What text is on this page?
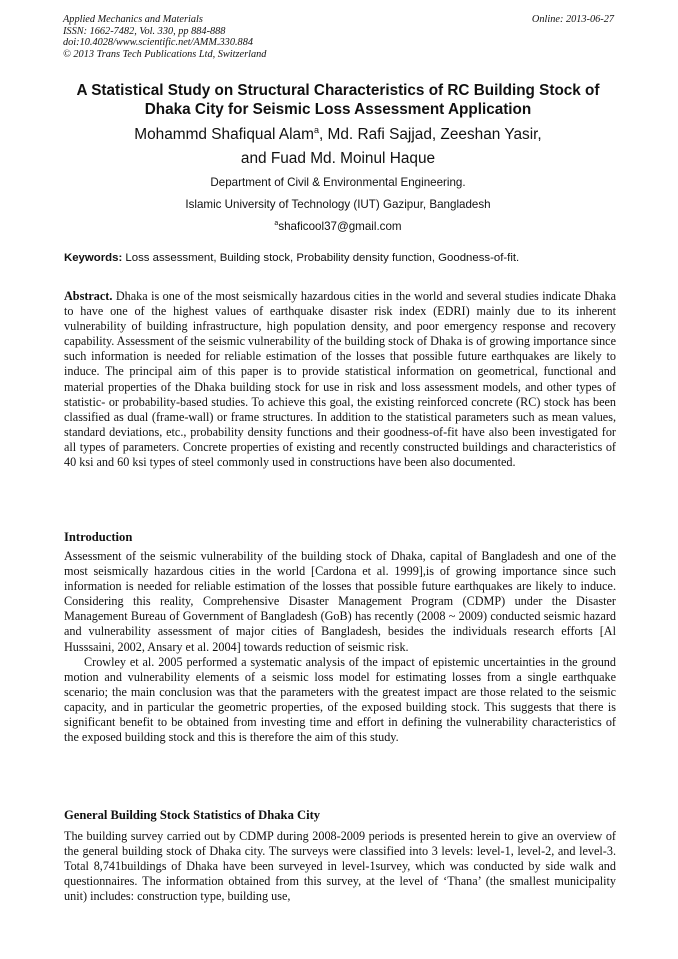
Applied Mechanics and Materials
ISSN: 1662-7482, Vol. 330, pp 884-888
doi:10.4028/www.scientific.net/AMM.330.884
© 2013 Trans Tech Publications Ltd, Switzerland
Online: 2013-06-27
A Statistical Study on Structural Characteristics of RC Building Stock of Dhaka City for Seismic Loss Assessment Application
Mohammd Shafiqual Alam$^a$, Md. Rafi Sajjad, Zeeshan Yasir,
and Fuad Md. Moinul Haque
Department of Civil & Environmental Engineering.
Islamic University of Technology (IUT) Gazipur, Bangladesh
$^a$shaficool37@gmail.com
Keywords: Loss assessment, Building stock, Probability density function, Goodness-of-fit.
Abstract. Dhaka is one of the most seismically hazardous cities in the world and several studies indicate Dhaka to have one of the highest values of earthquake disaster risk index (EDRI) mainly due to its inherent vulnerability of building infrastructure, high population density, and poor emergency response and recovery capability. Assessment of the seismic vulnerability of the building stock of Dhaka is of growing importance since such information is needed for reliable estimation of the losses that possible future earthquakes are likely to induce. The principal aim of this paper is to provide statistical information on geometrical, functional and material properties of the Dhaka building stock for use in risk and loss assessment models, and other types of statistic- or probability-based studies. To achieve this goal, the existing reinforced concrete (RC) stock has been classified as dual (frame-wall) or frame structures. In addition to the statistical parameters such as mean values, standard deviations, etc., probability density functions and their goodness-of-fit have also been investigated for all types of parameters. Concrete properties of existing and recently constructed buildings and characteristics of 40 ksi and 60 ksi types of steel commonly used in constructions have been also documented.
Introduction

Assessment of the seismic vulnerability of the building stock of Dhaka, capital of Bangladesh and one of the most seismically hazardous cities in the world [Cardona et al. 1999],is of growing importance since such information is needed for reliable estimation of the losses that possible future earthquakes are likely to induce. Considering this reality, Comprehensive Disaster Management Program (CDMP) under the Disaster Management Bureau of Government of Bangladesh (GoB) has recently (2008 ~ 2009) conducted seismic hazard and vulnerability assessment of major cities of Bangladesh, besides the individuals research efforts [Al Husssaini, 2002, Ansary et al. 2004] towards reduction of seismic risk.

Crowley et al. 2005 performed a systematic analysis of the impact of epistemic uncertainties in the ground motion and vulnerability elements of a seismic loss model for estimating losses from a single earthquake scenario; the main conclusion was that the parameters with the greatest impact are those related to the seismic capacity, and in particular the geometric properties, of the exposed building stock. This suggests that there is significant benefit to be obtained from investing time and effort in defining the vulnerability characteristics of the exposed building stock and this is therefore the aim of this study.

General Building Stock Statistics of Dhaka City

The building survey carried out by CDMP during 2008-2009 periods is presented herein to give an overview of the general building stock of Dhaka city. The surveys were classified into 3 levels: level-1, level-2, and level-3. Total 8,741buildings of Dhaka have been surveyed in level-1survey, which was conducted by side walk and questionnaires. The information obtained from this survey, at the level of ‘Thana’ (the smallest municipality unit) includes: construction type, building use,
